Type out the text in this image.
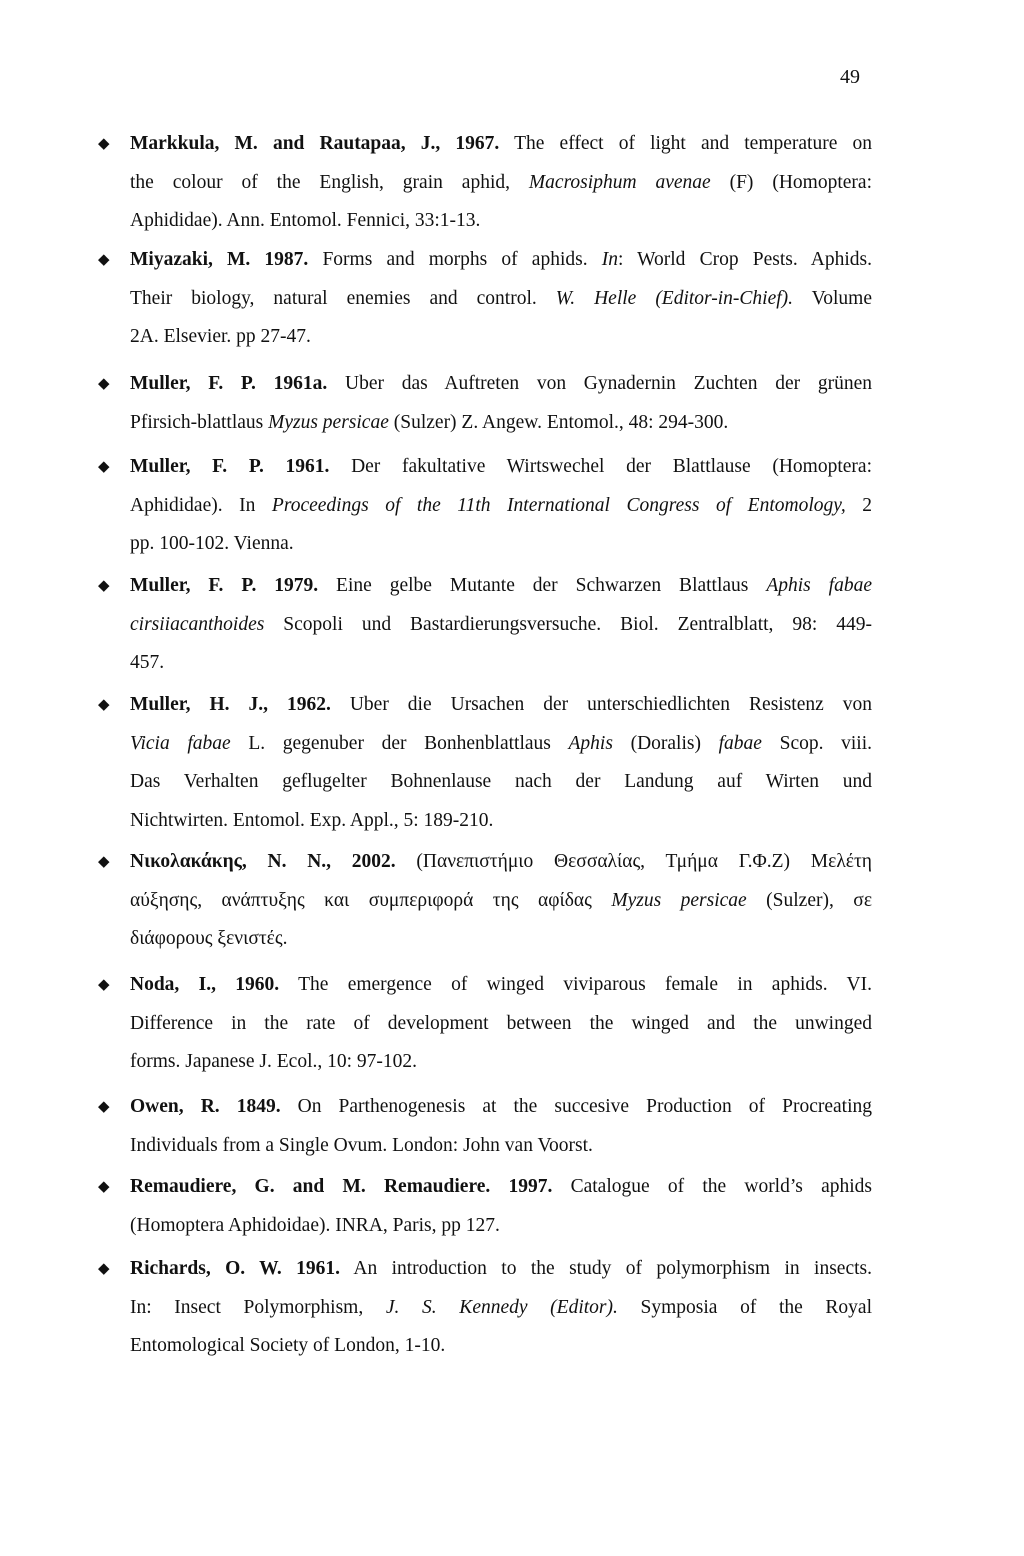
49
◆ Markkula, M. and Rautapaa, J., 1967. The effect of light and temperature on
the colour of the English, grain aphid, Macrosiphum avenae (F) (Homoptera:
Aphididae). Ann. Entomol. Fennici, 33:1-13.
◆ Miyazaki, M. 1987. Forms and morphs of aphids. In: World Crop Pests. Aphids.
Their biology, natural enemies and control. W. Helle (Editor-in-Chief). Volume
2A. Elsevier. pp 27-47.
◆ Muller, F. P. 1961a. Uber das Auftreten von Gynadernin Zuchten der grünen
Pfirsich-blattlaus Myzus persicae (Sulzer) Z. Angew. Entomol., 48: 294-300.
◆ Muller, F. P. 1961. Der fakultative Wirtswechel der Blattlause (Homoptera:
Aphididae). In Proceedings of the 11th International Congress of Entomology, 2
pp. 100-102. Vienna.
◆ Muller, F. P. 1979. Eine gelbe Mutante der Schwarzen Blattlaus Aphis fabae
cirsiiacanthoides Scopoli und Bastardierungsversuche. Biol. Zentralblatt, 98: 449-
457.
◆ Muller, H. J., 1962. Uber die Ursachen der unterschiedlichten Resistenz von
Vicia fabae L. gegenuber der Bonhenblattlaus Aphis (Doralis) fabae Scop. viii.
Das Verhalten geflugelter Bohnenlause nach der Landung auf Wirten und
Nichtwirten. Entomol. Exp. Appl., 5: 189-210.
◆ Νικολακάκης, Ν. Ν., 2002. (Πανεπιστήμιο Θεσσαλίας, Τμήμα Γ.Φ.Ζ) Μελέτη
αύξησης, ανάπτυξης και συμπεριφορά της αφίδας Myzus persicae (Sulzer), σε
διάφορους ξενιστές.
◆ Noda, I., 1960. The emergence of winged viviparous female in aphids. VI.
Difference in the rate of development between the winged and the unwinged
forms. Japanese J. Ecol., 10: 97-102.
◆ Owen, R. 1849. On Parthenogenesis at the succesive Production of Procreating
Individuals from a Single Ovum. London: John van Voorst.
◆ Remaudiere, G. and M. Remaudiere. 1997. Catalogue of the world’s aphids
(Homoptera Aphidoidae). INRA, Paris, pp 127.
◆ Richards, O. W. 1961. An introduction to the study of polymorphism in insects.
In: Insect Polymorphism, J. S. Kennedy (Editor). Symposia of the Royal
Entomological Society of London, 1-10.
